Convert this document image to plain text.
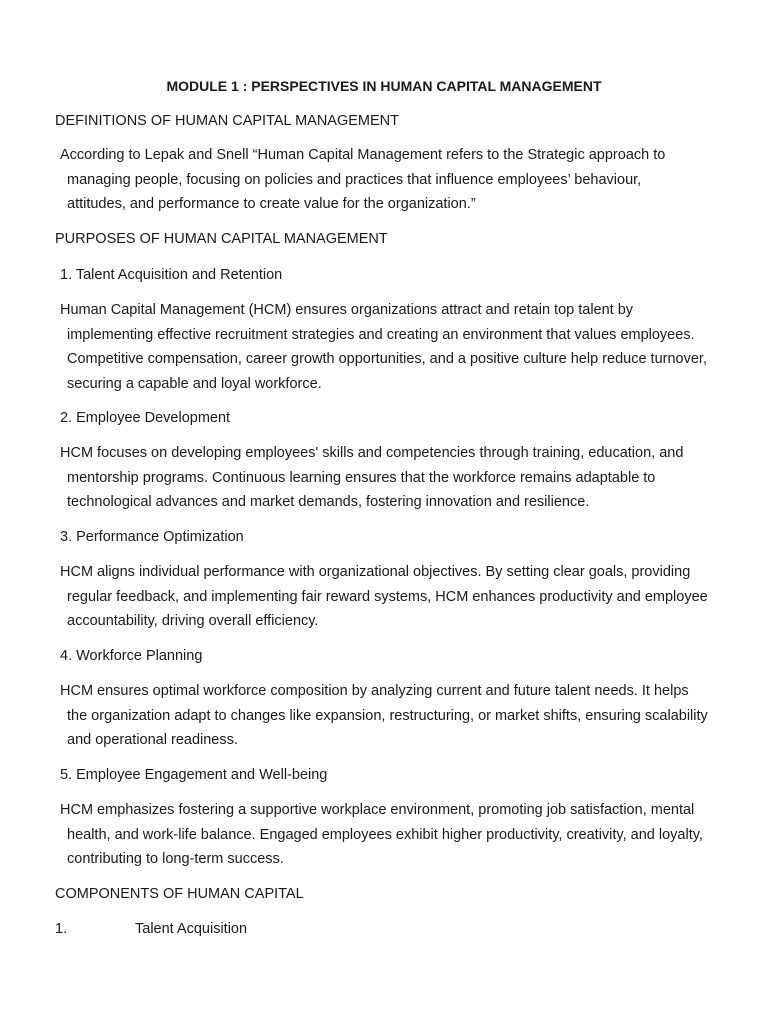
MODULE 1 : PERSPECTIVES IN HUMAN CAPITAL MANAGEMENT

DEFINITIONS OF HUMAN CAPITAL MANAGEMENT

According to Lepak and Snell “Human Capital Management refers to the Strategic approach to
managing people, focusing on policies and practices that influence employees’ behaviour,
attitudes, and performance to create value for the organization.”

PURPOSES OF HUMAN CAPITAL MANAGEMENT

1. Talent Acquisition and Retention

Human Capital Management (HCM) ensures organizations attract and retain top talent by
implementing effective recruitment strategies and creating an environment that values employees.
Competitive compensation, career growth opportunities, and a positive culture help reduce turnover,
securing a capable and loyal workforce.

2. Employee Development

HCM focuses on developing employees' skills and competencies through training, education, and
mentorship programs. Continuous learning ensures that the workforce remains adaptable to
technological advances and market demands, fostering innovation and resilience.

3. Performance Optimization

HCM aligns individual performance with organizational objectives. By setting clear goals, providing
regular feedback, and implementing fair reward systems, HCM enhances productivity and employee
accountability, driving overall efficiency.

4. Workforce Planning

HCM ensures optimal workforce composition by analyzing current and future talent needs. It helps
the organization adapt to changes like expansion, restructuring, or market shifts, ensuring scalability
and operational readiness.

5. Employee Engagement and Well-being

HCM emphasizes fostering a supportive workplace environment, promoting job satisfaction, mental
health, and work-life balance. Engaged employees exhibit higher productivity, creativity, and loyalty,
contributing to long-term success.

COMPONENTS OF HUMAN CAPITAL

1.	Talent Acquisition
